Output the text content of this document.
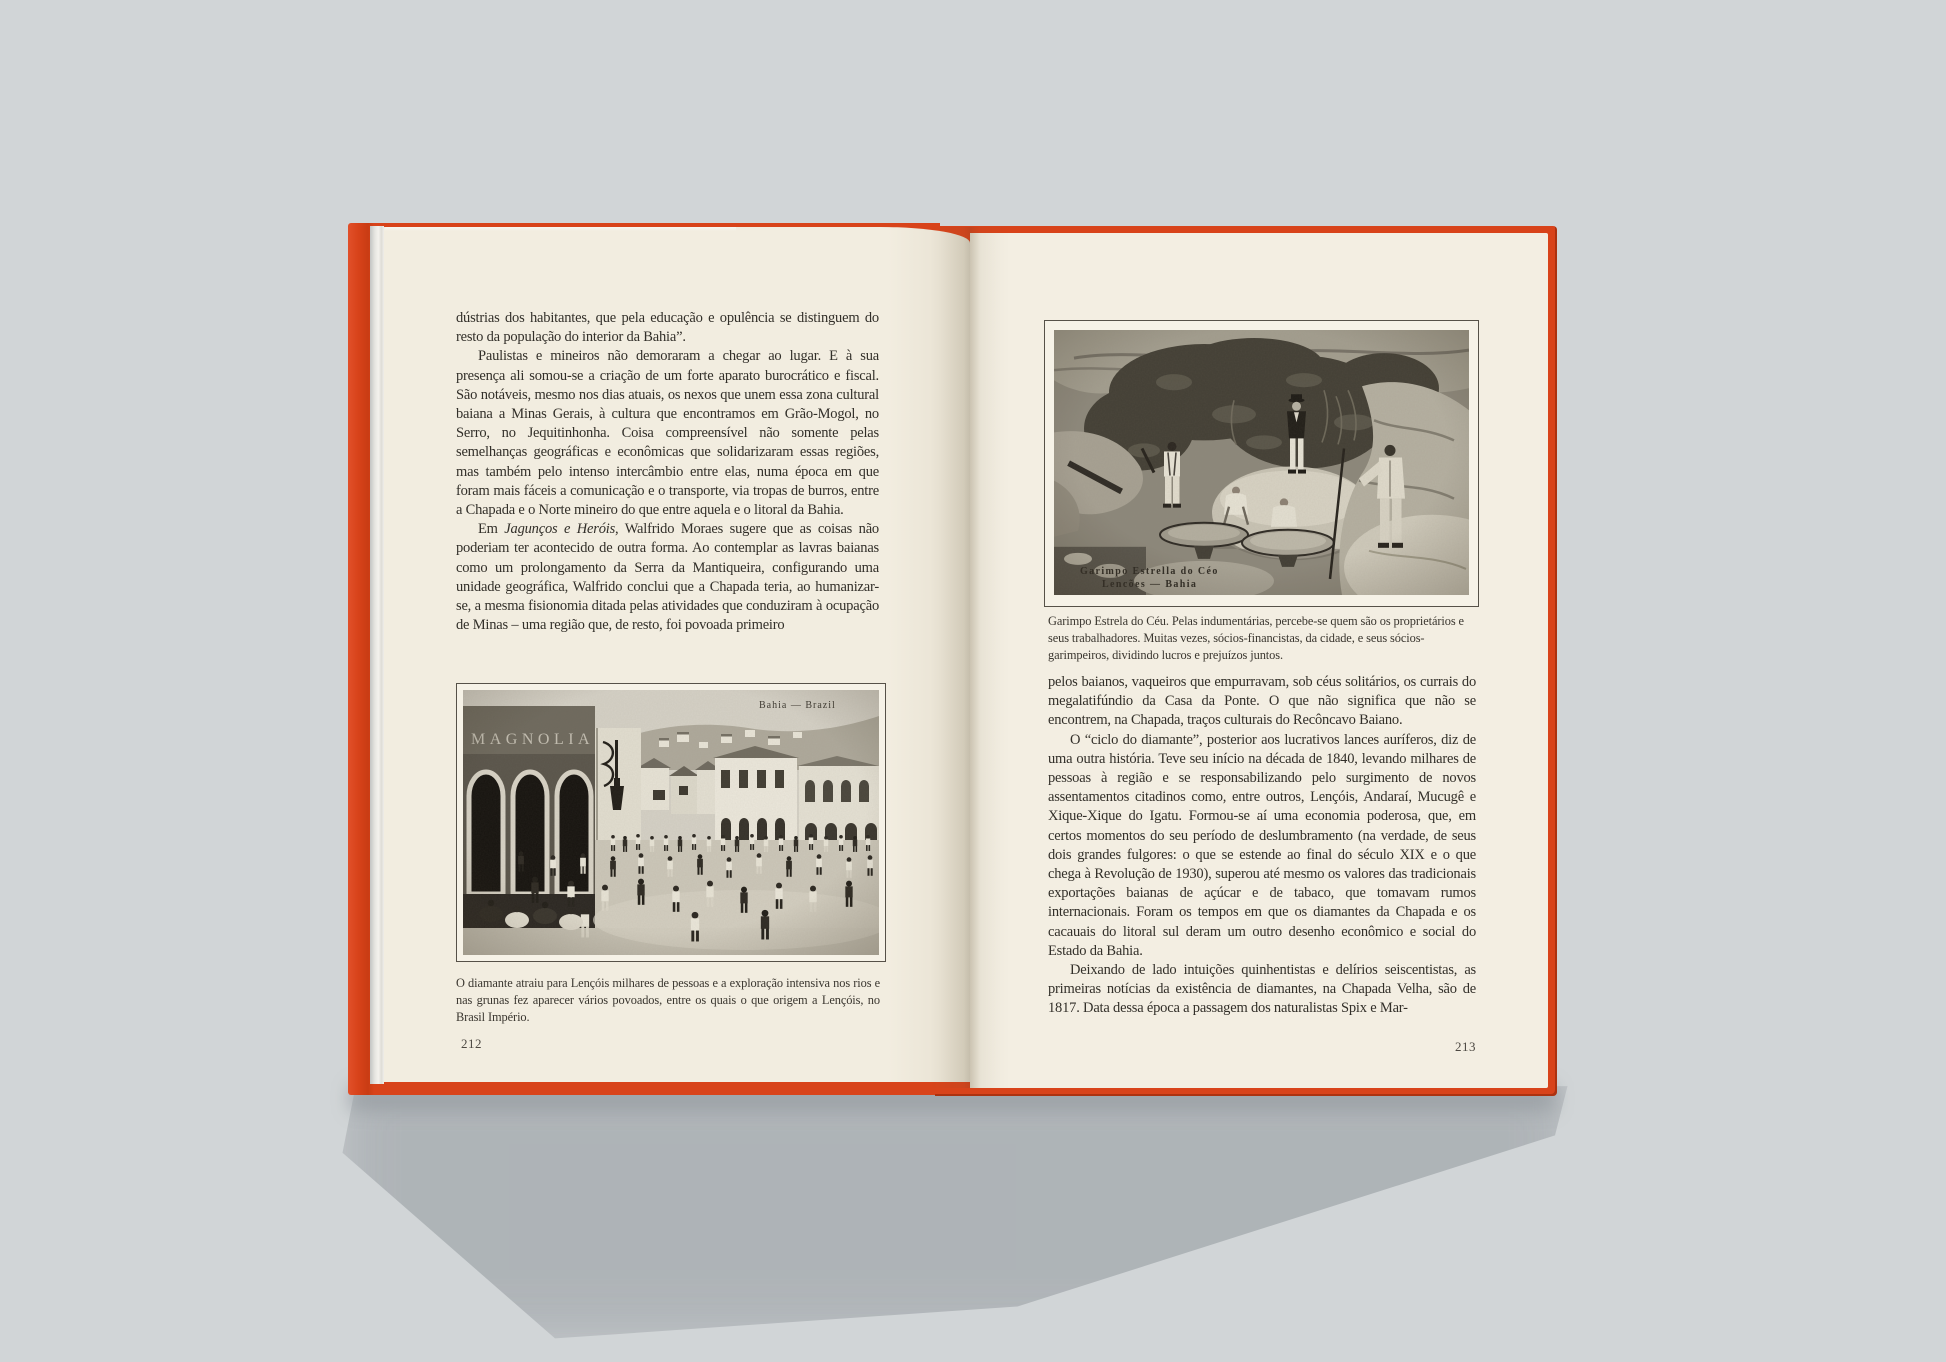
dústrias dos habitantes, que pela educação e opulência se distinguem do resto da população do interior da Bahia”.

Paulistas e mineiros não demoraram a chegar ao lugar. E à sua presença ali somou-se a criação de um forte aparato burocrático e fiscal. São notáveis, mesmo nos dias atuais, os nexos que unem essa zona cultural baiana a Minas Gerais, à cultura que encontramos em Grão-Mogol, no Serro, no Jequitinhonha. Coisa compreensível não somente pelas semelhanças geográficas e econômicas que solidarizaram essas regiões, mas também pelo intenso intercâmbio entre elas, numa época em que foram mais fáceis a comunicação e o transporte, via tropas de burros, entre a Chapada e o Norte mineiro do que entre aquela e o litoral da Bahia.

Em Jagunços e Heróis, Walfrido Moraes sugere que as coisas não poderiam ter acontecido de outra forma. Ao contemplar as lavras baianas como um prolongamento da Serra da Mantiqueira, configurando uma unidade geográfica, Walfrido conclui que a Chapada teria, ao humanizar-se, a mesma fisionomia ditada pelas atividades que conduziram à ocupação de Minas – uma região que, de resto, foi povoada primeiro

O diamante atraiu para Lençóis milhares de pessoas e a exploração intensiva nos rios e nas grunas fez aparecer vários povoados, entre os quais o que origem a Lençóis, no Brasil Império.
212
Garimpo Estrela do Céu. Pelas indumentárias, percebe-se quem são os proprietários e seus trabalhadores. Muitas vezes, sócios-financistas, da cidade, e seus sócios-garimpeiros, dividindo lucros e prejuízos juntos.

pelos baianos, vaqueiros que empurravam, sob céus solitários, os currais do megalatifúndio da Casa da Ponte. O que não significa que não se encontrem, na Chapada, traços culturais do Recôncavo Baiano.

O “ciclo do diamante”, posterior aos lucrativos lances auríferos, diz de uma outra história. Teve seu início na década de 1840, levando milhares de pessoas à região e se responsabilizando pelo surgimento de novos assentamentos citadinos como, entre outros, Lençóis, Andaraí, Mucugê e Xique-Xique do Igatu. Formou-se aí uma economia poderosa, que, em certos momentos do seu período de deslumbramento (na verdade, de seus dois grandes fulgores: o que se estende ao final do século XIX e o que chega à Revolução de 1930), superou até mesmo os valores das tradicionais exportações baianas de açúcar e de tabaco, que tomavam rumos internacionais. Foram os tempos em que os diamantes da Chapada e os cacauais do litoral sul deram um outro desenho econômico e social do Estado da Bahia.

Deixando de lado intuições quinhentistas e delírios seiscentistas, as primeiras notícias da existência de diamantes, na Chapada Velha, são de 1817. Data dessa época a passagem dos naturalistas Spix e Mar-

213
